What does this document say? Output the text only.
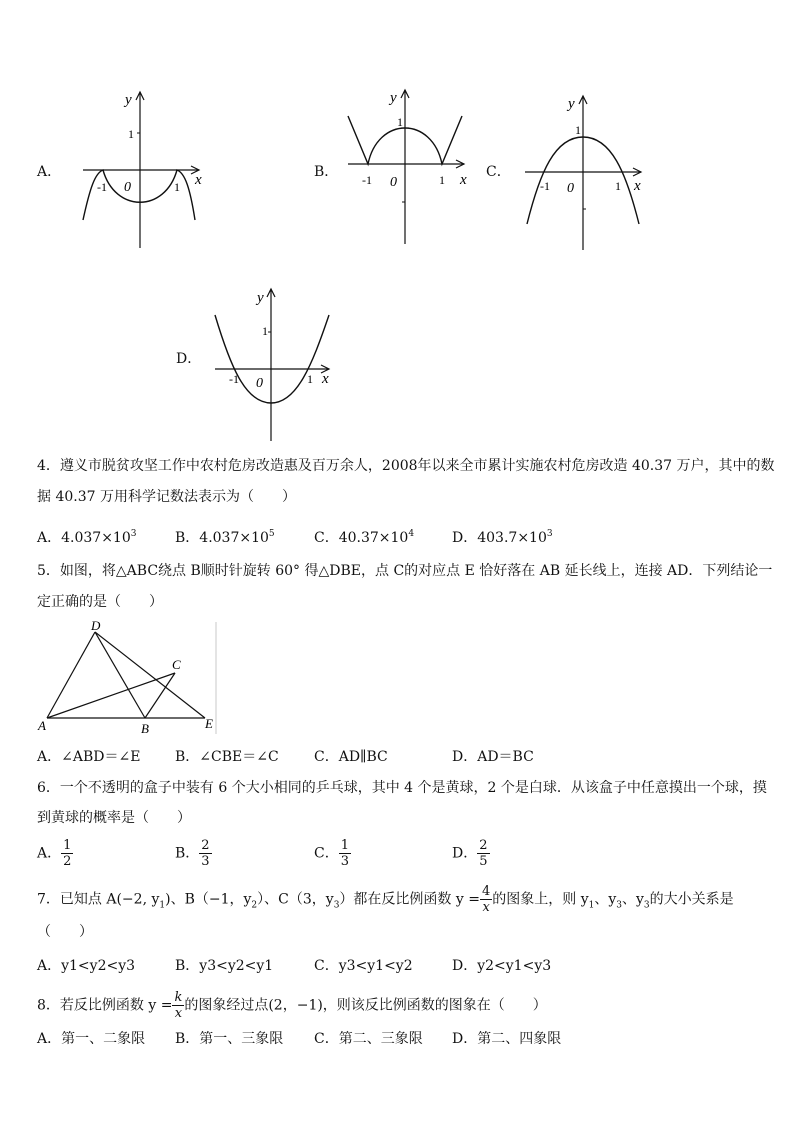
A．
y
x
1
-1	1
0
B．
y
x
1
-1	1
0
C．
y
x
1
-1	1
0
D．
y
x
1
-1	1
0
4．遵义市脱贫攻坚工作中农村危房改造惠及百万余人，2008年以来全市累计实施农村危房改造 40.37 万户，其中的数
据 40.37 万用科学记数法表示为（　　）
A．$4.037\times 10^3$	B．$4.037\times 10^5$	C．$40.37\times 10^4$	D．$403.7\times 10^3$
5．如图，将△ABC绕点 B顺时针旋转 60° 得△DBE，点 C的对应点 E 恰好落在 AB 延长线上，连接 AD．下列结论一
定正确的是（　　）
D
C
A	B	E
A．∠ABD＝∠E B．∠CBE＝∠C	C．AD∥BC	D．AD＝BC
6．一个不透明的盒子中装有 6 个大小相同的乒乓球，其中 4 个是黄球，2 个是白球．从该盒子中任意摸出一个球，摸
到黄球的概率是（　　）
A． $\frac{1}{2}$	B． $\frac{2}{3}$	C． $\frac{1}{3}$	D． $\frac{2}{5}$
7．已知点 A(−2, $y_1$)、B（−1，$y_2$）、C（3，$y_3$）都在反比例函数 $y = \frac{4}{x}$ 的图象上，则 $y_1$、$y_3$、$y_3$的大小关系是
（　　）
A．y1<y2<y3	B．y3<y2<y1	C．y3<y1<y2	D．y2<y1<y3
8．若反比例函数 $y = \frac{k}{x}$ 的图象经过点(2，−1)，则该反比例函数的图象在（　　）
A．第一、二象限 B．第一、三象限 C．第二、三象限 D．第二、四象限
